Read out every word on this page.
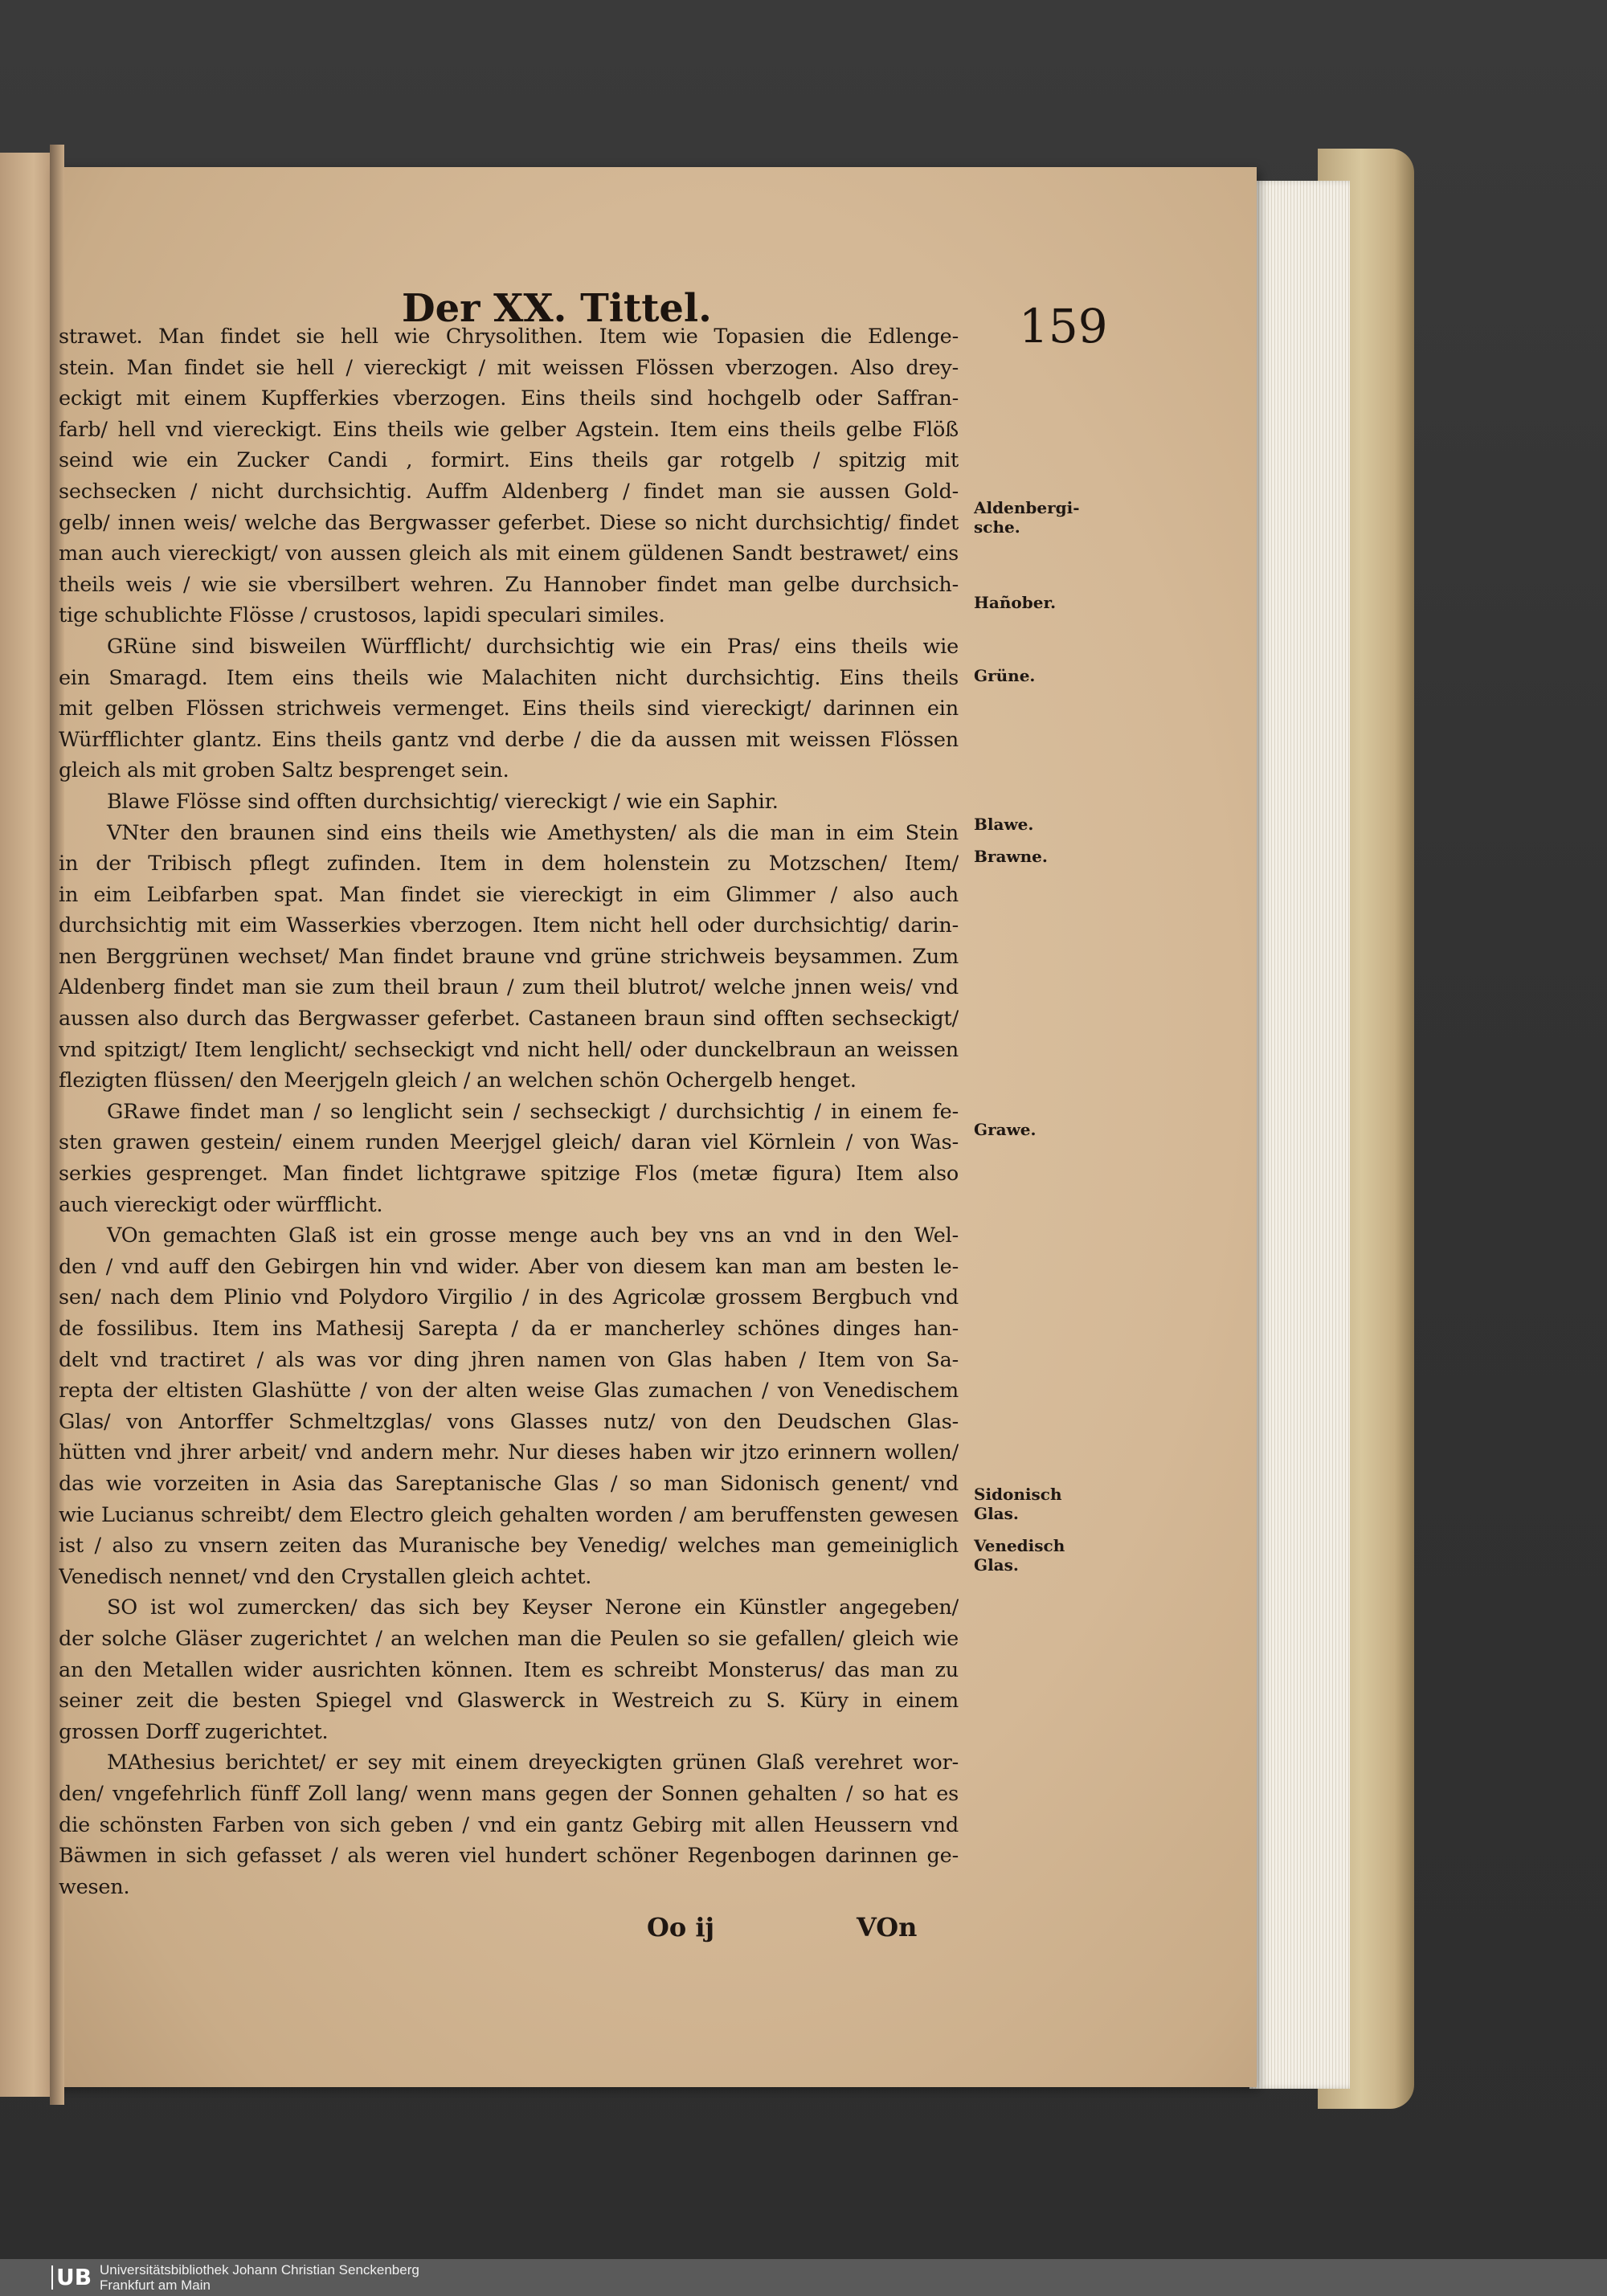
Der XX. Tittel.	159
strawet. Man findet sie hell wie Chrysolithen. Item wie Topasien die Edlenge-
stein. Man findet sie hell / viereckigt / mit weissen Flössen vberzogen. Also drey-
eckigt mit einem Kupfferkies vberzogen. Eins theils sind hochgelb oder Saffran-
farb/ hell vnd viereckigt. Eins theils wie gelber Agstein. Item eins theils gelbe Flöß
seind wie ein Zucker Candi , formirt. Eins theils gar rotgelb / spitzig mit
sechsecken / nicht durchsichtig. Auffm Aldenberg / findet man sie aussen Gold-
gelb/ innen weis/ welche das Bergwasser geferbet. Diese so nicht durchsichtig/ findet
man auch viereckigt/ von aussen gleich als mit einem güldenen Sandt bestrawet/ eins
theils weis / wie sie vbersilbert wehren. Zu Hannober findet man gelbe durchsich-
tige schublichte Flösse / crustosos, lapidi speculari similes.
GRüne sind bisweilen Würfflicht/ durchsichtig wie ein Pras/ eins theils wie
ein Smaragd. Item eins theils wie Malachiten nicht durchsichtig. Eins theils
mit gelben Flössen strichweis vermenget. Eins theils sind viereckigt/ darinnen ein
Würfflichter glantz. Eins theils gantz vnd derbe / die da aussen mit weissen Flössen
gleich als mit groben Saltz besprenget sein.
Blawe Flösse sind offten durchsichtig/ viereckigt / wie ein Saphir.
VNter den braunen sind eins theils wie Amethysten/ als die man in eim Stein
in der Tribisch pflegt zufinden. Item in dem holenstein zu Motzschen/ Item/
in eim Leibfarben spat. Man findet sie viereckigt in eim Glimmer / also auch
durchsichtig mit eim Wasserkies vberzogen. Item nicht hell oder durchsichtig/ darin-
nen Berggrünen wechset/ Man findet braune vnd grüne strichweis beysammen. Zum
Aldenberg findet man sie zum theil braun / zum theil blutrot/ welche jnnen weis/ vnd
aussen also durch das Bergwasser geferbet. Castaneen braun sind offten sechseckigt/
vnd spitzigt/ Item lenglicht/ sechseckigt vnd nicht hell/ oder dunckelbraun an weissen
flezigten flüssen/ den Meerjgeln gleich / an welchen schön Ochergelb henget.
GRawe findet man / so lenglicht sein / sechseckigt / durchsichtig / in einem fe-
sten grawen gestein/ einem runden Meerjgel gleich/ daran viel Körnlein / von Was-
serkies gesprenget. Man findet lichtgrawe spitzige Flos (metæ figura) Item also
auch viereckigt oder würfflicht.
VOn gemachten Glaß ist ein grosse menge auch bey vns an vnd in den Wel-
den / vnd auff den Gebirgen hin vnd wider. Aber von diesem kan man am besten le-
sen/ nach dem Plinio vnd Polydoro Virgilio / in des Agricolæ grossem Bergbuch vnd
de fossilibus. Item ins Mathesij Sarepta / da er mancherley schönes dinges han-
delt vnd tractiret / als was vor ding jhren namen von Glas haben / Item von Sa-
repta der eltisten Glashütte / von der alten weise Glas zumachen / von Venedischem
Glas/ von Antorffer Schmeltzglas/ vons Glasses nutz/ von den Deudschen Glas-
hütten vnd jhrer arbeit/ vnd andern mehr. Nur dieses haben wir jtzo erinnern wollen/
das wie vorzeiten in Asia das Sareptanische Glas / so man Sidonisch genent/ vnd
wie Lucianus schreibt/ dem Electro gleich gehalten worden / am beruffensten gewesen
ist / also zu vnsern zeiten das Muranische bey Venedig/ welches man gemeiniglich
Venedisch nennet/ vnd den Crystallen gleich achtet.
SO ist wol zumercken/ das sich bey Keyser Nerone ein Künstler angegeben/
der solche Gläser zugerichtet / an welchen man die Peulen so sie gefallen/ gleich wie
an den Metallen wider ausrichten können. Item es schreibt Monsterus/ das man zu
seiner zeit die besten Spiegel vnd Glaswerck in Westreich zu S. Küry in einem
grossen Dorff zugerichtet.
MAthesius berichtet/ er sey mit einem dreyeckigten grünen Glaß verehret wor-
den/ vngefehrlich fünff Zoll lang/ wenn mans gegen der Sonnen gehalten / so hat es
die schönsten Farben von sich geben / vnd ein gantz Gebirg mit allen Heussern vnd
Bäwmen in sich gefasset / als weren viel hundert schöner Regenbogen darinnen ge-
wesen.
Aldenbergi-
sche.
Hañober.
Grüne.
Blawe.
Brawne.
Grawe.
Sidonisch
Glas.
Venedisch
Glas.
Oo ij	VOn
UB Universitätsbibliothek Johann Christian Senckenberg
Frankfurt am Main
